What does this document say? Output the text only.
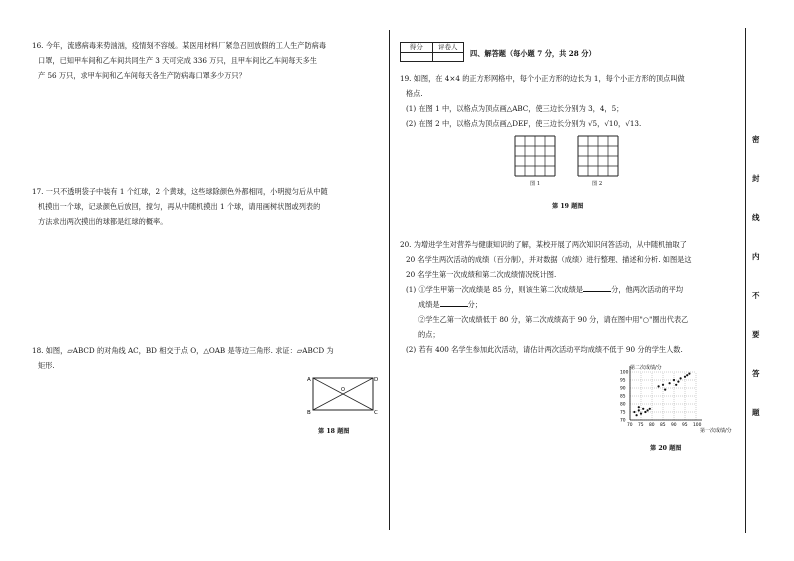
16. 今年，流感病毒来势汹汹，疫情刻不容缓。某医用材料厂紧急召回放假的工人生产防病毒
口罩，已知甲车间和乙车间共同生产 3 天可完成 336 万只，且甲车间比乙车间每天多生
产 56 万只，求甲车间和乙车间每天各生产防病毒口罩多少万只？
17. 一只不透明袋子中装有 1 个红球，2 个黄球，这些球除颜色外都相同，小明搅匀后从中随
机摸出一个球，记录颜色后放回，搅匀，再从中随机摸出 1 个球，请用画树状图或列表的
方法求出两次摸出的球都是红球的概率。
18. 如图，▱ABCD 的对角线 AC，BD 相交于点 O，△OAB 是等边三角形. 求证：▱ABCD 为
矩形.
A	D
B	C
O
第 18 题图
得分	评卷人
四、解答题（每小题 7 分，共 28 分）
19. 如图，在 4×4 的正方形网格中，每个小正方形的边长为 1，每个小正方形的顶点叫做
格点.
(1) 在图 1 中，以格点为顶点画△ABC，使三边长分别为 3，4，5；
(2) 在图 2 中，以格点为顶点画△DEF，使三边长分别为 √5，√10，√13.
图 1	图 2
第 19 题图
20. 为增进学生对营养与健康知识的了解，某校开展了两次知识问答活动，从中随机抽取了
20 名学生两次活动的成绩（百分制），并对数据（成绩）进行整理、描述和分析. 如图是这
20 名学生第一次成绩和第二次成绩情况统计图.
(1) ①学生甲第一次成绩是 85 分，则该生第二次成绩是	分，他两次活动的平均
成绩是	分；
②学生乙第一次成绩低于 80 分，第二次成绩高于 90 分，请在图中用"○"圈出代表乙
的点；
(2) 若有 400 名学生参加此次活动，请估计两次活动平均成绩不低于 90 分的学生人数.
第二次成绩/分
第一次成绩/分
70 75 80 85 90 95 100
70
75
80
85
90
95
100
第 20 题图
密
封
线
内
不
要
答
题
